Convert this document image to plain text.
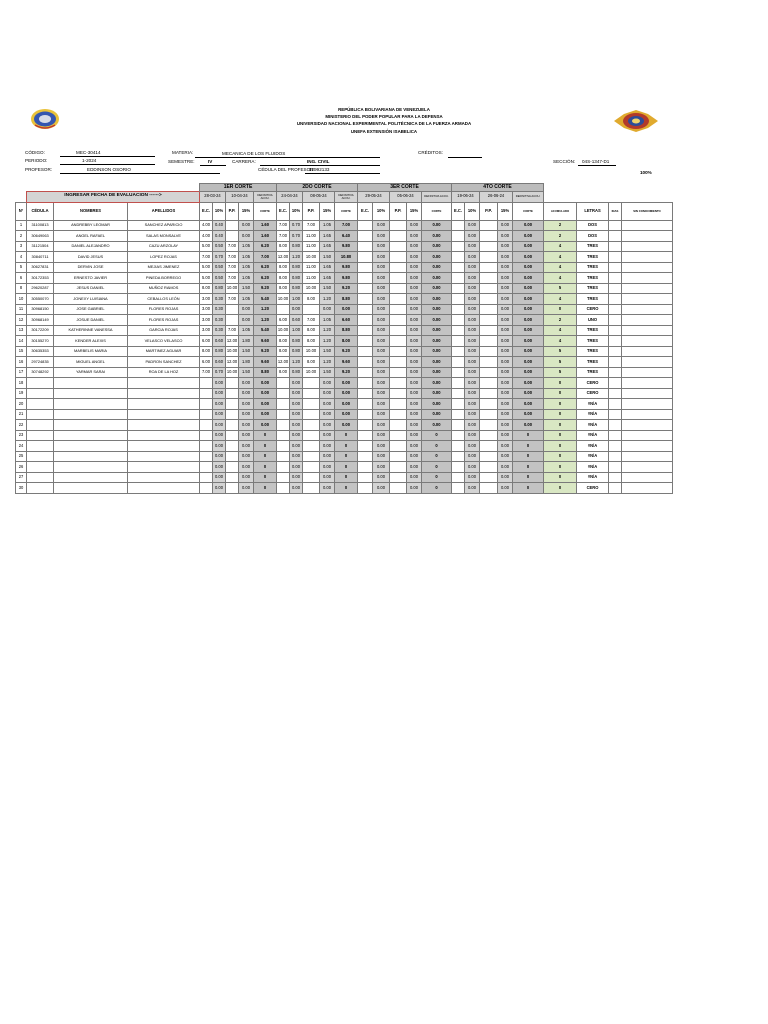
REPÚBLICA BOLIVARIANA DE VENEZUELA
MINISTERIO DEL PODER POPULAR PARA LA DEFENSA
UNIVERSIDAD NACIONAL EXPERIMENTAL POLITÉCNICA DE LA FUERZA ARMADA
UNEFA EXTENSIÓN ISABELICA
CÓDIGO:	MEC-30414	MATERIA:	MECANICA DE LOS FLUIDOS	CRÉDITOS:
PERIODO:	1-2024	SEMESTRE:	IV	CARRERA:	ING. CIVIL	SECCIÓN: 04S-1347-D1
PROFESOR:	EDDINSON OSORIO	CÉDULA DEL PROFESOR:
12992133
100%
				1ER CORTE					2DO CORTE					3ER CORTE					4TO CORTE								
	INGRESAR FECHA DE EVALUACION ------>			28-03-24		10-04-24		DEFINITIVA ACOU.	24-04-24		08-05-24		DEFINITIVA ACOU.	29-05-24		05-06-24		DEFINITIVA ACOU.	19-06-24		26-06-24		DEFINITIVA ACOU.				
N°	CÉDULA	NOMBRES	APELLIDOS	E.C.	10%	P.P.	15%	CORTE	E.C.	10%	P.P.	15%	CORTE	E.C.	10%	P.P.	15%	CORTE	E.C.	10%	P.P.	15%	CORTE	ACUMULADO	LETRAS	INAS	SIN CONOCIMIENTO
1	31100813	ANDREBBY LEOMAR	SANCHEZ APARICIO	4.00	0.40		0.00	1.60	7.00	0.70	7.00	1.05	7.00		0.00		0.00	0.00		0.00		0.00	0.00	2	DOS		
2	30649063	ANGEL RAFAEL	SALAS MONSALVE	4.00	0.40		0.00	1.60	7.00	0.70	11.00	1.65	6.40		0.00		0.00	0.00		0.00		0.00	0.00	2	DOS		
3	31121504	DANIEL ALEJANDRO	CAZU ARZOLAY	5.00	0.50	7.00	1.05	6.20	8.00	0.80	11.00	1.65	9.80		0.00		0.00	0.00		0.00		0.00	0.00	4	TRES		
4	30840711	DAVID JESUS	LOPEZ ROJAS	7.00	0.70	7.00	1.05	7.00	12.00	1.20	10.00	1.50	10.80		0.00		0.00	0.00		0.00		0.00	0.00	4	TRES		
5	30627831	DERVIN JOSE	MEJIAS JIMENEZ	5.00	0.50	7.00	1.05	6.20	8.00	0.80	11.00	1.65	9.80		0.00		0.00	0.00		0.00		0.00	0.00	4	TRES		
6	30172353	ERNESTO JAVIER	PINEDA BORREGO	5.00	0.50	7.00	1.05	6.20	8.00	0.80	11.00	1.65	9.80		0.00		0.00	0.00		0.00		0.00	0.00	4	TRES		
8	29620287	JESUS DANIEL	MUÑOZ RAMOS	8.00	0.80	10.00	1.50	9.20	8.00	0.80	10.00	1.50	9.20		0.00		0.00	0.00		0.00		0.00	0.00	5	TRES		
10	30550070	JONEXY LUISIANA	CEBALLOS LEÓN	3.00	0.30	7.00	1.05	5.40	10.00	1.00	8.00	1.20	8.80		0.00		0.00	0.00		0.00		0.00	0.00	4	TRES		
11	30968150	JOSE GABRIEL	FLORES ROJAS	3.00	0.30		0.00	1.20		0.00		0.00	0.00		0.00		0.00	0.00		0.00		0.00	0.00	0	CERO		
12	30968149	JOSUE DANIEL	FLORES ROJAS	3.00	0.30		0.00	1.20	6.00	0.60	7.00	1.05	6.60		0.00		0.00	0.00		0.00		0.00	0.00	2	UNO		
13	30172209	KATHERINNE VANESSA	GARCIA ROJAS	3.00	0.30	7.00	1.05	5.40	10.00	1.00	8.00	1.20	8.80		0.00		0.00	0.00		0.00		0.00	0.00	4	TRES		
14	30155270	KENDER ALEXIS	VELASCO VELASCO	6.00	0.60	12.00	1.80	9.60	8.00	0.80	8.00	1.20	8.00		0.00		0.00	0.00		0.00		0.00	0.00	4	TRES		
15	30635353	MARBELIS MARIA	MARTINEZ AGUIAR	8.00	0.80	10.00	1.50	9.20	8.00	0.80	10.00	1.50	9.20		0.00		0.00	0.00		0.00		0.00	0.00	5	TRES		
16	29724835	MIGUEL ANGEL	PADRON SANCHEZ	6.00	0.60	12.00	1.80	9.60	12.00	1.20	8.00	1.20	9.60		0.00		0.00	0.00		0.00		0.00	0.00	5	TRES		
17	30748292	YARMAR SARAI	ROA DE LA HOZ	7.00	0.70	10.00	1.50	8.80	8.00	0.80	10.00	1.50	9.20		0.00		0.00	0.00		0.00		0.00	0.00	5	TRES		
18					0.00		0.00	0.00		0.00		0.00	0.00		0.00		0.00	0.00		0.00		0.00	0.00	0	CERO		
19					0.00		0.00	0.00		0.00		0.00	0.00		0.00		0.00	0.00		0.00		0.00	0.00	0	CERO		
20					0.00		0.00	0.00		0.00		0.00	0.00		0.00		0.00	0.00		0.00		0.00	0.00	0	#N/A		
21					0.00		0.00	0.00		0.00		0.00	0.00		0.00		0.00	0.00		0.00		0.00	0.00	0	#N/A		
22					0.00		0.00	0.00		0.00		0.00	0.00		0.00		0.00	0.00		0.00		0.00	0.00	0	#N/A		
23					0.00		0.00	0		0.00		0.00	0		0.00		0.00	0		0.00		0.00	0	0	#N/A		
24					0.00		0.00	0		0.00		0.00	0		0.00		0.00	0		0.00		0.00	0	0	#N/A		
25					0.00		0.00	0		0.00		0.00	0		0.00		0.00	0		0.00		0.00	0	0	#N/A		
26					0.00		0.00	0		0.00		0.00	0		0.00		0.00	0		0.00		0.00	0	0	#N/A		
27					0.00		0.00	0		0.00		0.00	0		0.00		0.00	0		0.00		0.00	0	0	#N/A		
30					0.00		0.00	0		0.00		0.00	0		0.00		0.00	0		0.00		0.00	0	0	CERO		
